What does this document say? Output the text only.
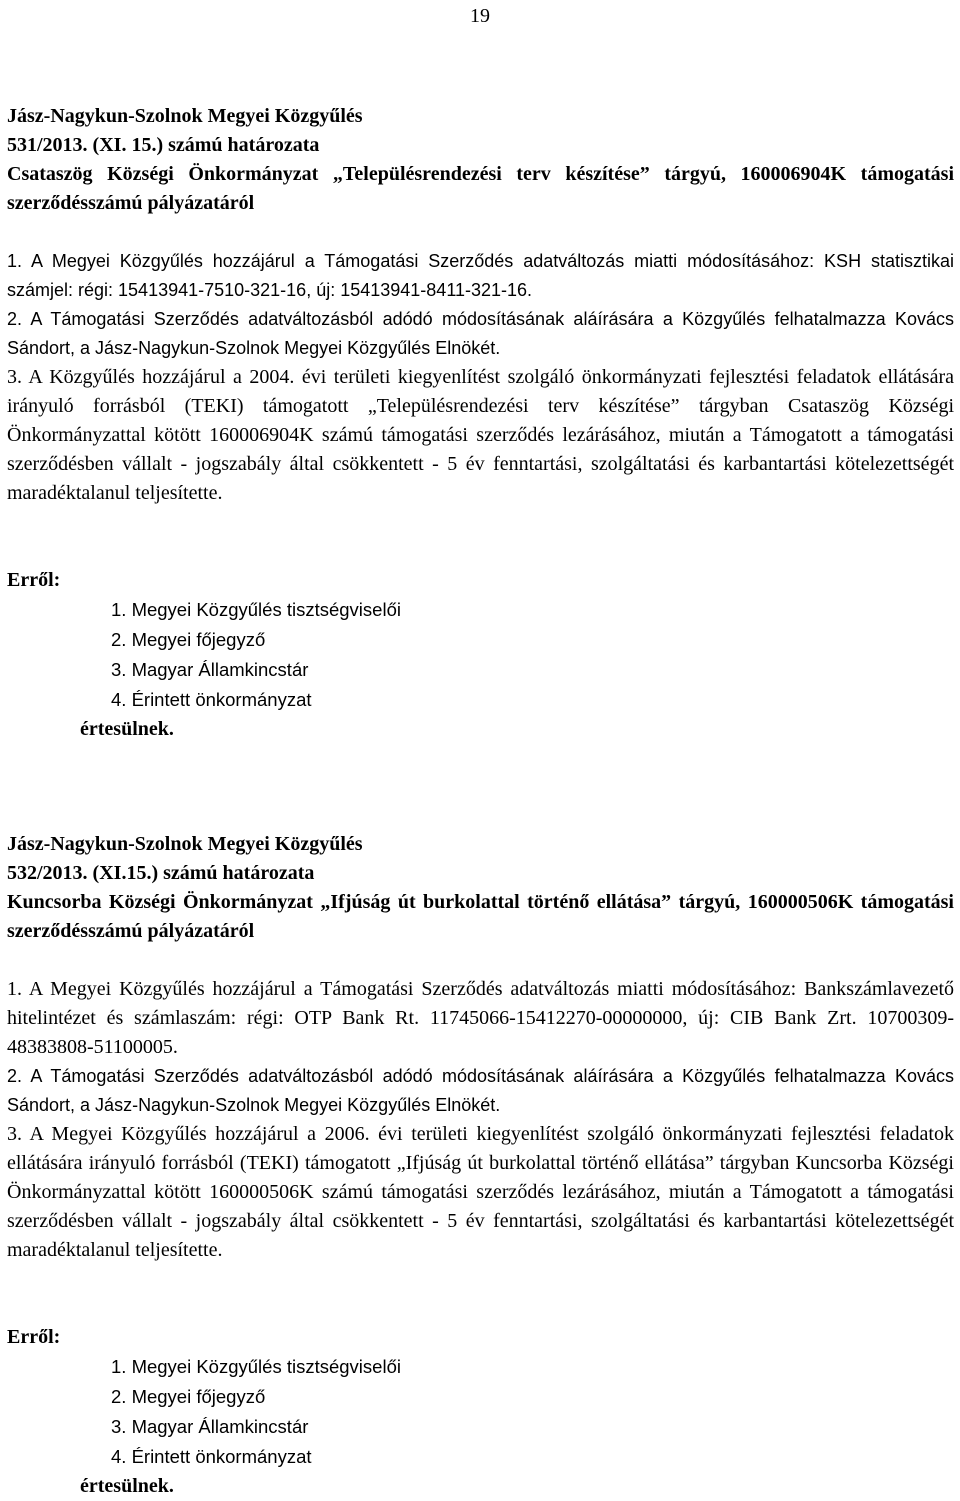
19

Jász-Nagykun-Szolnok Megyei Közgyűlés

531/2013. (XI. 15.) számú határozata

Csataszög Községi Önkormányzat „Településrendezési terv készítése” tárgyú, 160006904K támogatási szerződésszámú pályázatáról

1. A Megyei Közgyűlés hozzájárul a Támogatási Szerződés adatváltozás miatti módosításához: KSH statisztikai számjel: régi: 15413941-7510-321-16, új: 15413941-8411-321-16.

2. A Támogatási Szerződés adatváltozásból adódó módosításának aláírására a Közgyűlés felhatalmazza Kovács Sándort, a Jász-Nagykun-Szolnok Megyei Közgyűlés Elnökét.

3. A Közgyűlés hozzájárul a 2004. évi területi kiegyenlítést szolgáló önkormányzati fejlesztési feladatok ellátására irányuló forrásból (TEKI) támogatott „Településrendezési terv készítése” tárgyban Csataszög Községi Önkormányzattal kötött 160006904K számú támogatási szerződés lezárásához, miután a Támogatott a támogatási szerződésben vállalt - jogszabály által csökkentett - 5 év fenntartási, szolgáltatási és karbantartási kötelezettségét maradéktalanul teljesítette.

Erről:

1. Megyei Közgyűlés tisztségviselői
2. Megyei főjegyző
3. Magyar Államkincstár
4. Érintett önkormányzat

értesülnek.

Jász-Nagykun-Szolnok Megyei Közgyűlés

532/2013. (XI.15.) számú határozata

Kuncsorba Községi Önkormányzat „Ifjúság út burkolattal történő ellátása” tárgyú, 160000506K támogatási szerződésszámú pályázatáról

1. A Megyei Közgyűlés hozzájárul a Támogatási Szerződés adatváltozás miatti módosításához: Bankszámlavezető hitelintézet és számlaszám: régi: OTP Bank Rt. 11745066-15412270-00000000, új: CIB Bank Zrt. 10700309-48383808-51100005.

2. A Támogatási Szerződés adatváltozásból adódó módosításának aláírására a Közgyűlés felhatalmazza Kovács Sándort, a Jász-Nagykun-Szolnok Megyei Közgyűlés Elnökét.

3. A Megyei Közgyűlés hozzájárul a 2006. évi területi kiegyenlítést szolgáló önkormányzati fejlesztési feladatok ellátására irányuló forrásból (TEKI) támogatott „Ifjúság út burkolattal történő ellátása” tárgyban Kuncsorba Községi Önkormányzattal kötött 160000506K számú támogatási szerződés lezárásához, miután a Támogatott a támogatási szerződésben vállalt - jogszabály által csökkentett - 5 év fenntartási, szolgáltatási és karbantartási kötelezettségét maradéktalanul teljesítette.

Erről:

1. Megyei Közgyűlés tisztségviselői
2. Megyei főjegyző
3. Magyar Államkincstár
4. Érintett önkormányzat

értesülnek.
